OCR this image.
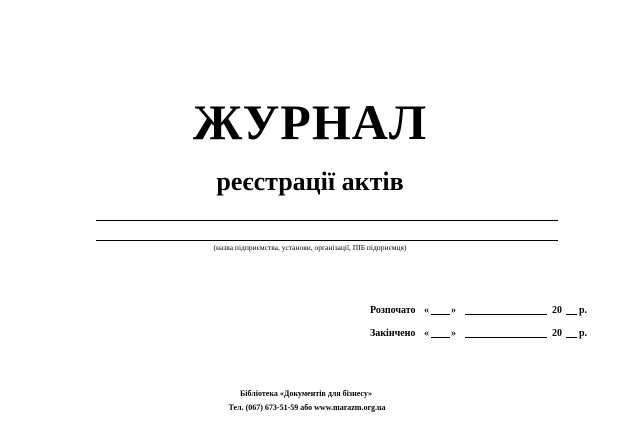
ЖУРНАЛ
реєстрації актів
(назва підприємства, установи, організації, ПІБ підприємця)
Розпочато « »	20 р.
Закінчено « »	20 р.
Бібліотека «Документів для бізнесу»
Тел. (067) 673-51-59 або www.marazm.org.ua
